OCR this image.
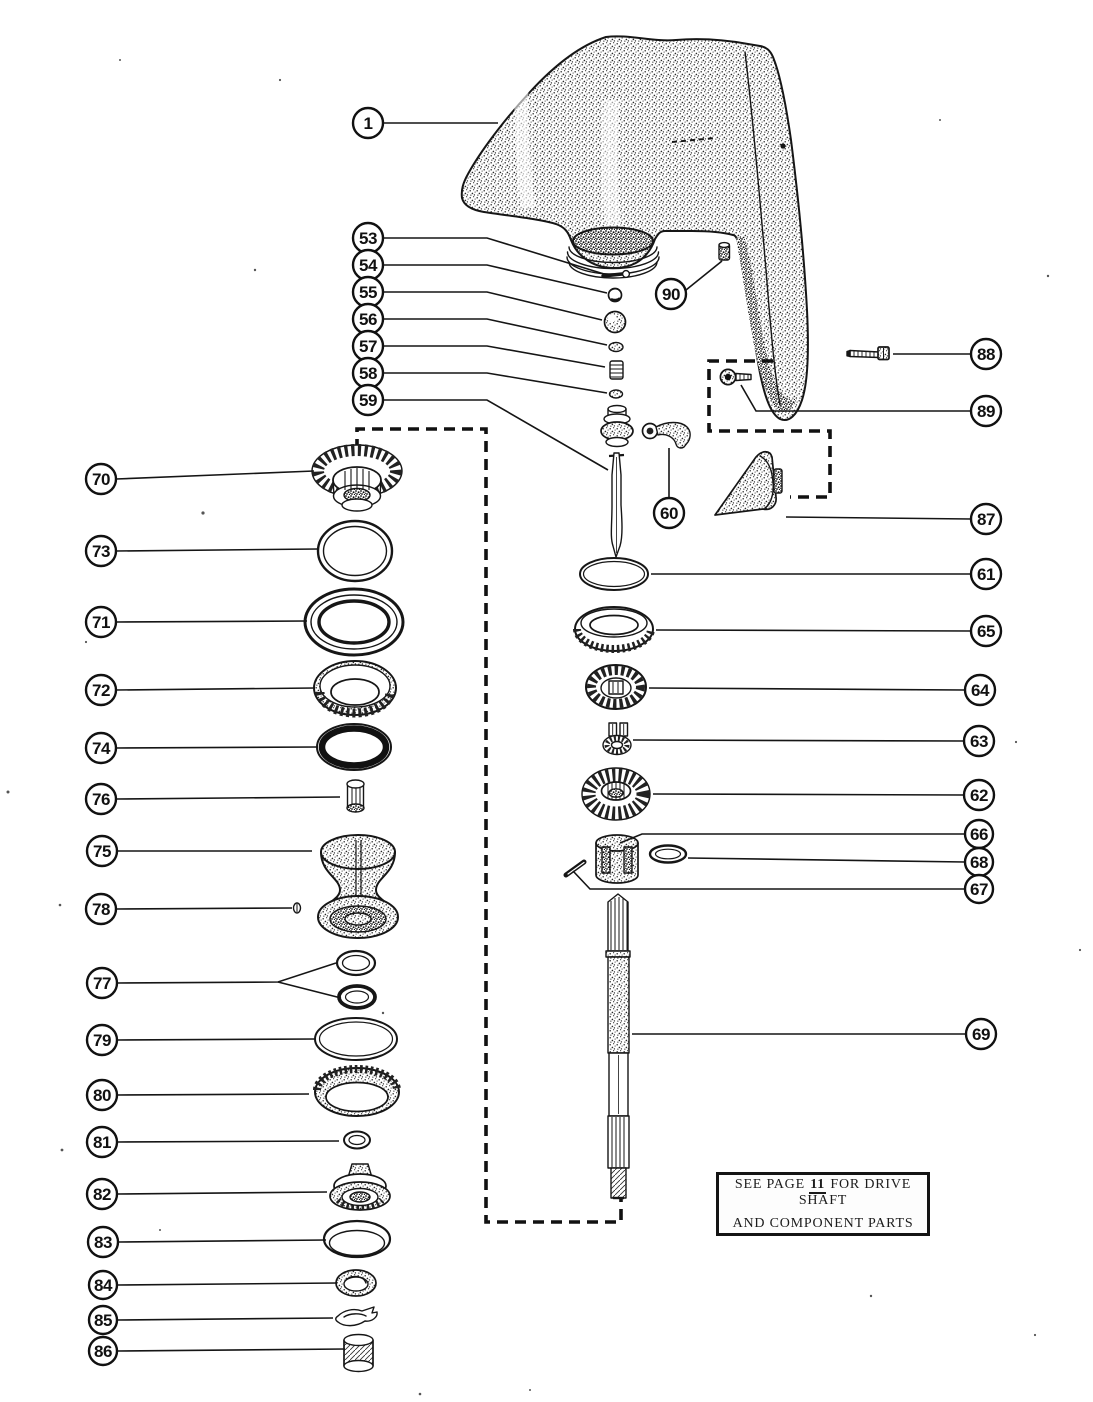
1
53
54
55
56
57
58
59
90
60
70
73
71
72
74
76
75
78
77
79
80
81
82
83
84
85
86
88
89
87
61
65
64
63
62
66
68
67
69
SEE PAGE 11 FOR DRIVE SHAFT
AND COMPONENT PARTS
